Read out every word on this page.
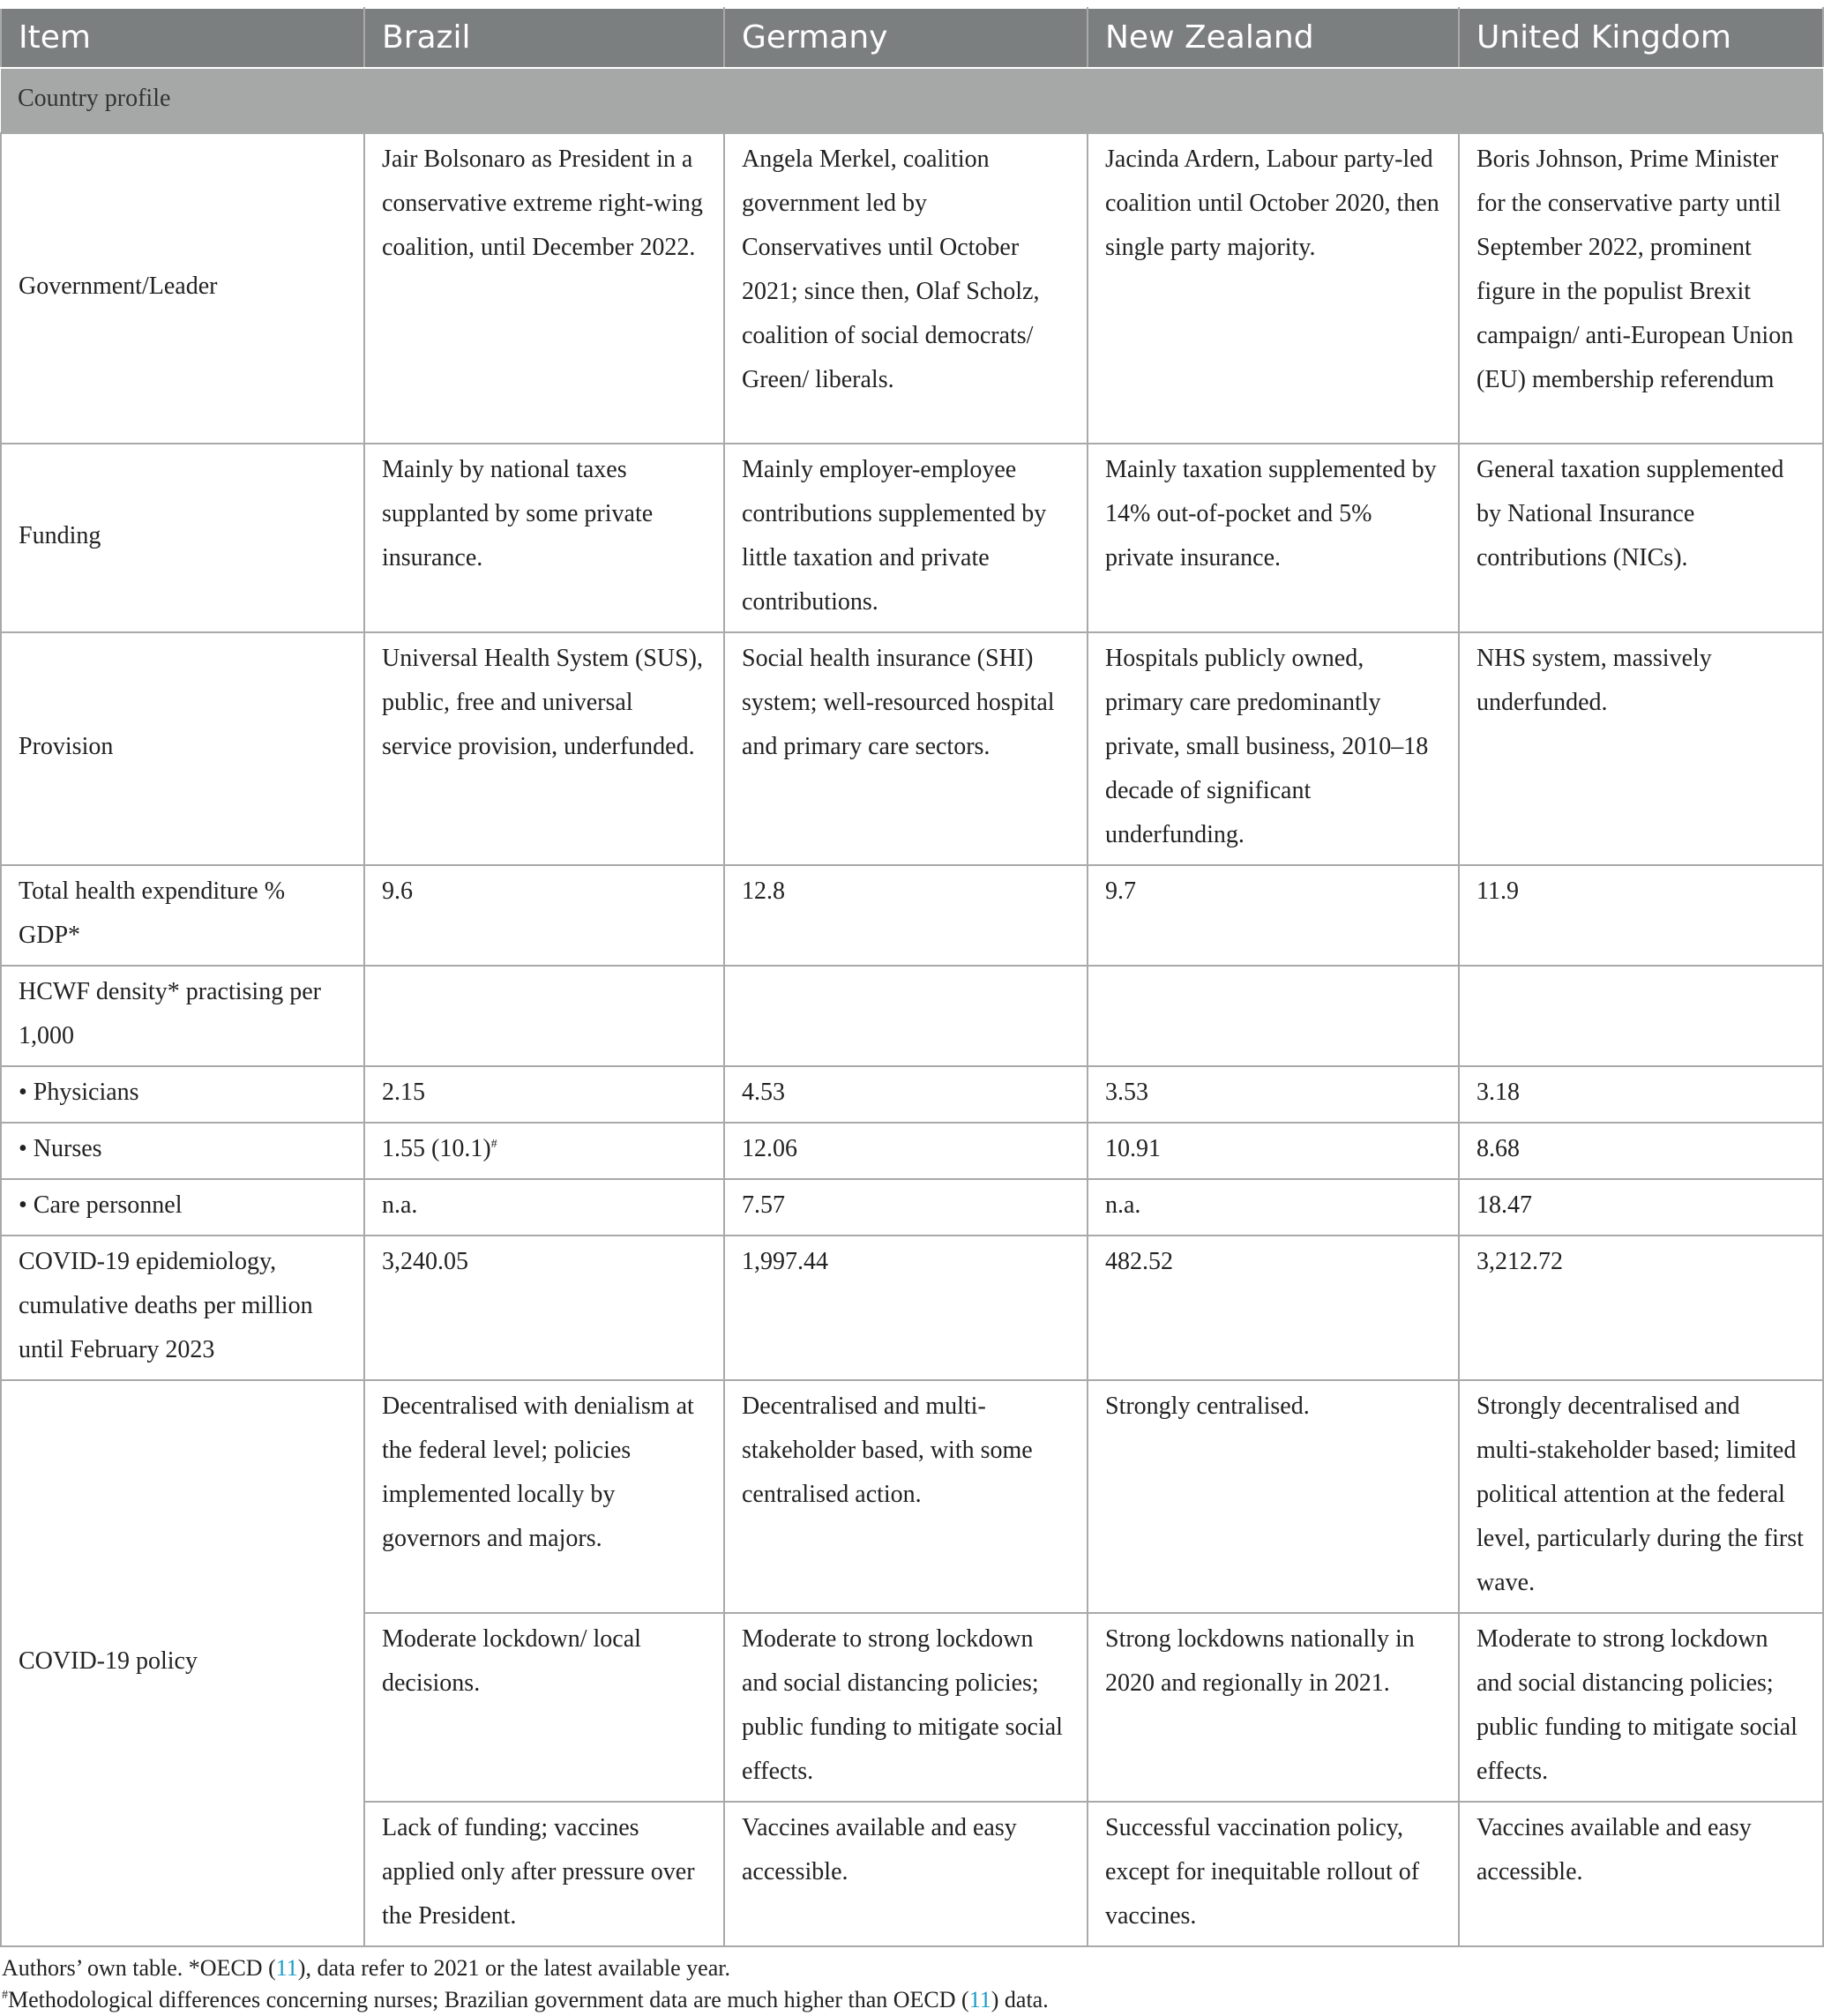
Item	Brazil	Germany	New Zealand	United Kingdom
Country profile				
Government/Leader	Jair Bolsonaro as President in a conservative extreme right-wing coalition, until December 2022.	Angela Merkel, coalition government led by Conservatives until October 2021; since then, Olaf Scholz, coalition of social democrats/ Green/ liberals.	Jacinda Ardern, Labour party-led coalition until October 2020, then single party majority.	Boris Johnson, Prime Minister for the conservative party until September 2022, prominent figure in the populist Brexit campaign/ anti-European Union (EU) membership referendum
Funding	Mainly by national taxes supplanted by some private insurance.	Mainly employer-employee contributions supplemented by little taxation and private contributions.	Mainly taxation supplemented by 14% out-of-pocket and 5% private insurance.	General taxation supplemented by National Insurance contributions (NICs).
Provision	Universal Health System (SUS), public, free and universal service provision, underfunded.	Social health insurance (SHI) system; well-resourced hospital and primary care sectors.	Hospitals publicly owned, primary care predominantly private, small business, 2010–18 decade of significant underfunding.	NHS system, massively underfunded.
Total health expenditure % GDP*	9.6	12.8	9.7	11.9
HCWF density* practising per 1,000				
• Physicians	2.15	4.53	3.53	3.18
• Nurses	1.55 (10.1)#	12.06	10.91	8.68
• Care personnel	n.a.	7.57	n.a.	18.47
COVID-19 epidemiology, cumulative deaths per million until February 2023	3,240.05	1,997.44	482.52	3,212.72
COVID-19 policy	Decentralised with denialism at the federal level; policies implemented locally by governors and majors.	Decentralised and multi-stakeholder based, with some centralised action.	Strongly centralised.	Strongly decentralised and multi-stakeholder based; limited political attention at the federal level, particularly during the first wave.
	Moderate lockdown/ local decisions.	Moderate to strong lockdown and social distancing policies; public funding to mitigate social effects.	Strong lockdowns nationally in 2020 and regionally in 2021.	Moderate to strong lockdown and social distancing policies; public funding to mitigate social effects.
	Lack of funding; vaccines applied only after pressure over the President.	Vaccines available and easy accessible.	Successful vaccination policy, except for inequitable rollout of vaccines.	Vaccines available and easy accessible.
Authors’ own table. *OECD (11), data refer to 2021 or the latest available year.
#Methodological differences concerning nurses; Brazilian government data are much higher than OECD (11) data.
